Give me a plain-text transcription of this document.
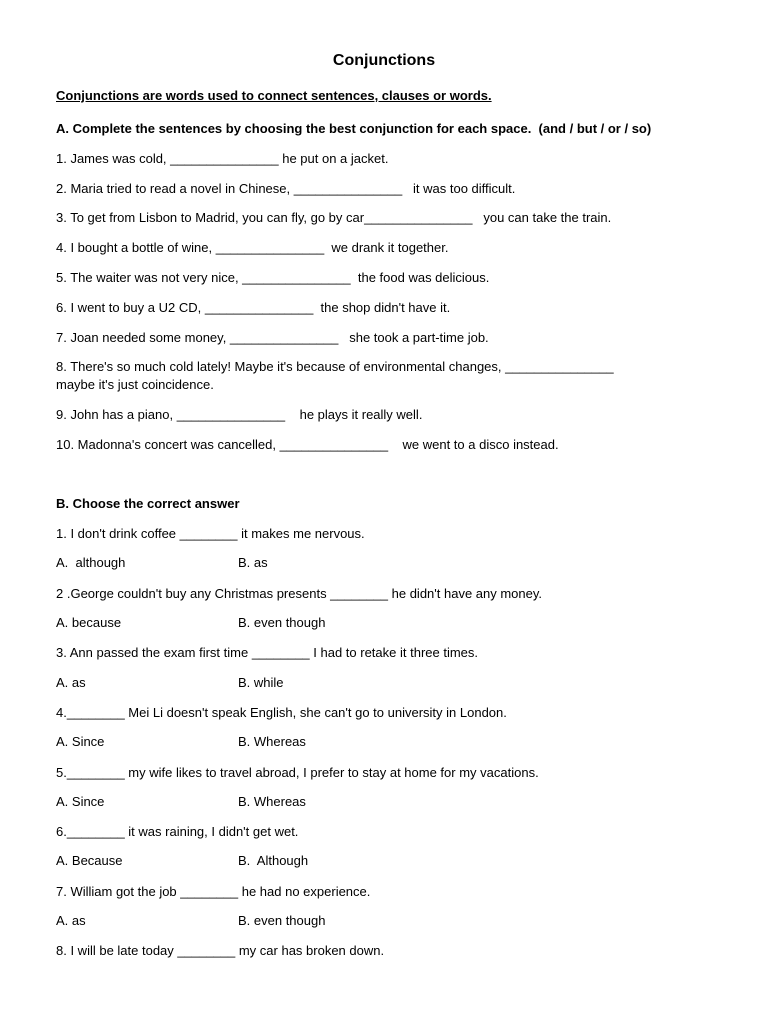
Conjunctions
Conjunctions are words used to connect sentences, clauses or words.
A. Complete the sentences by choosing the best conjunction for each space.  (and / but / or / so)
1. James was cold, _______________ he put on a jacket.
2. Maria tried to read a novel in Chinese, _______________   it was too difficult.
3. To get from Lisbon to Madrid, you can fly, go by car_______________   you can take the train.
4. I bought a bottle of wine, _______________  we drank it together.
5. The waiter was not very nice, _______________  the food was delicious.
6. I went to buy a U2 CD, _______________  the shop didn't have it.
7. Joan needed some money, _______________   she took a part-time job.
8. There's so much cold lately! Maybe it's because of environmental changes, _______________
maybe it's just coincidence.
9. John has a piano, _______________    he plays it really well.
10. Madonna's concert was cancelled, _______________    we went to a disco instead.
B. Choose the correct answer
1. I don't drink coffee ________ it makes me nervous.
A.  although	B. as
2 .George couldn't buy any Christmas presents ________ he didn't have any money.
A. because	B. even though
3. Ann passed the exam first time ________ I had to retake it three times.
A. as	B. while
4.________ Mei Li doesn't speak English, she can't go to university in London.
A. Since	B. Whereas
5.________ my wife likes to travel abroad, I prefer to stay at home for my vacations.
A. Since	B. Whereas
6.________ it was raining, I didn't get wet.
A. Because	B.  Although
7. William got the job ________ he had no experience.
A. as	B. even though
8. I will be late today ________ my car has broken down.
